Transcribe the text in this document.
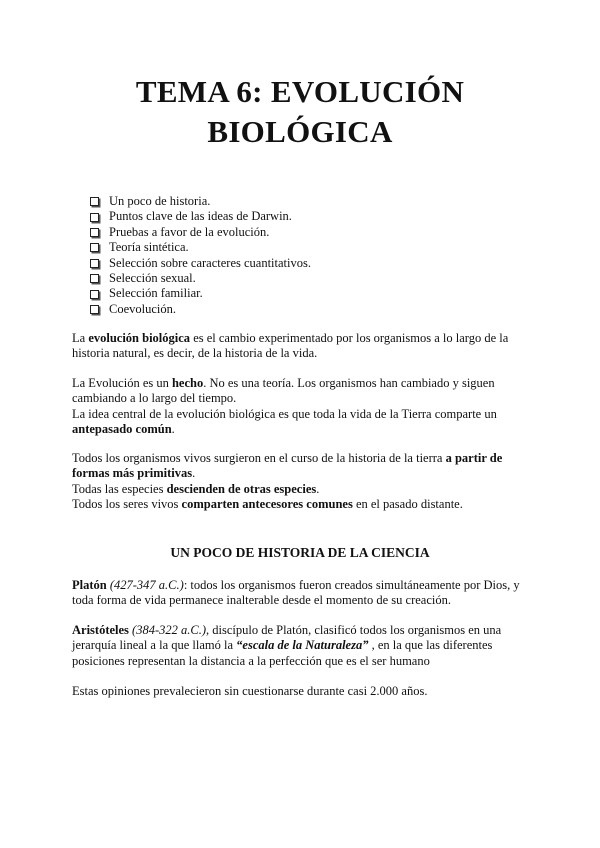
TEMA 6: EVOLUCIÓN
BIOLÓGICA
Un poco de historia.
Puntos clave de las ideas de Darwin.
Pruebas a favor de la evolución.
Teoría sintética.
Selección sobre caracteres cuantitativos.
Selección sexual.
Selección familiar.
Coevolución.

La evolución biológica es el cambio experimentado por los organismos a lo largo de la historia natural, es decir, de la historia de la vida.

La Evolución es un hecho. No es una teoría. Los organismos han cambiado y siguen cambiando a lo largo del tiempo.
La idea central de la evolución biológica es que toda la vida de la Tierra comparte un antepasado común.

Todos los organismos vivos surgieron en el curso de la historia de la tierra a partir de formas más primitivas.
Todas las especies descienden de otras especies.
Todos los seres vivos comparten antecesores comunes en el pasado distante.

UN POCO DE HISTORIA DE LA CIENCIA

Platón (427-347 a.C.): todos los organismos fueron creados simultáneamente por Dios, y toda forma de vida permanece inalterable desde el momento de su creación.

Aristóteles (384-322 a.C.), discípulo de Platón, clasificó todos los organismos en una jerarquía lineal a la que llamó la “escala de la Naturaleza” , en la que las diferentes posiciones representan la distancia a la perfección que es el ser humano

Estas opiniones prevalecieron sin cuestionarse durante casi 2.000 años.
